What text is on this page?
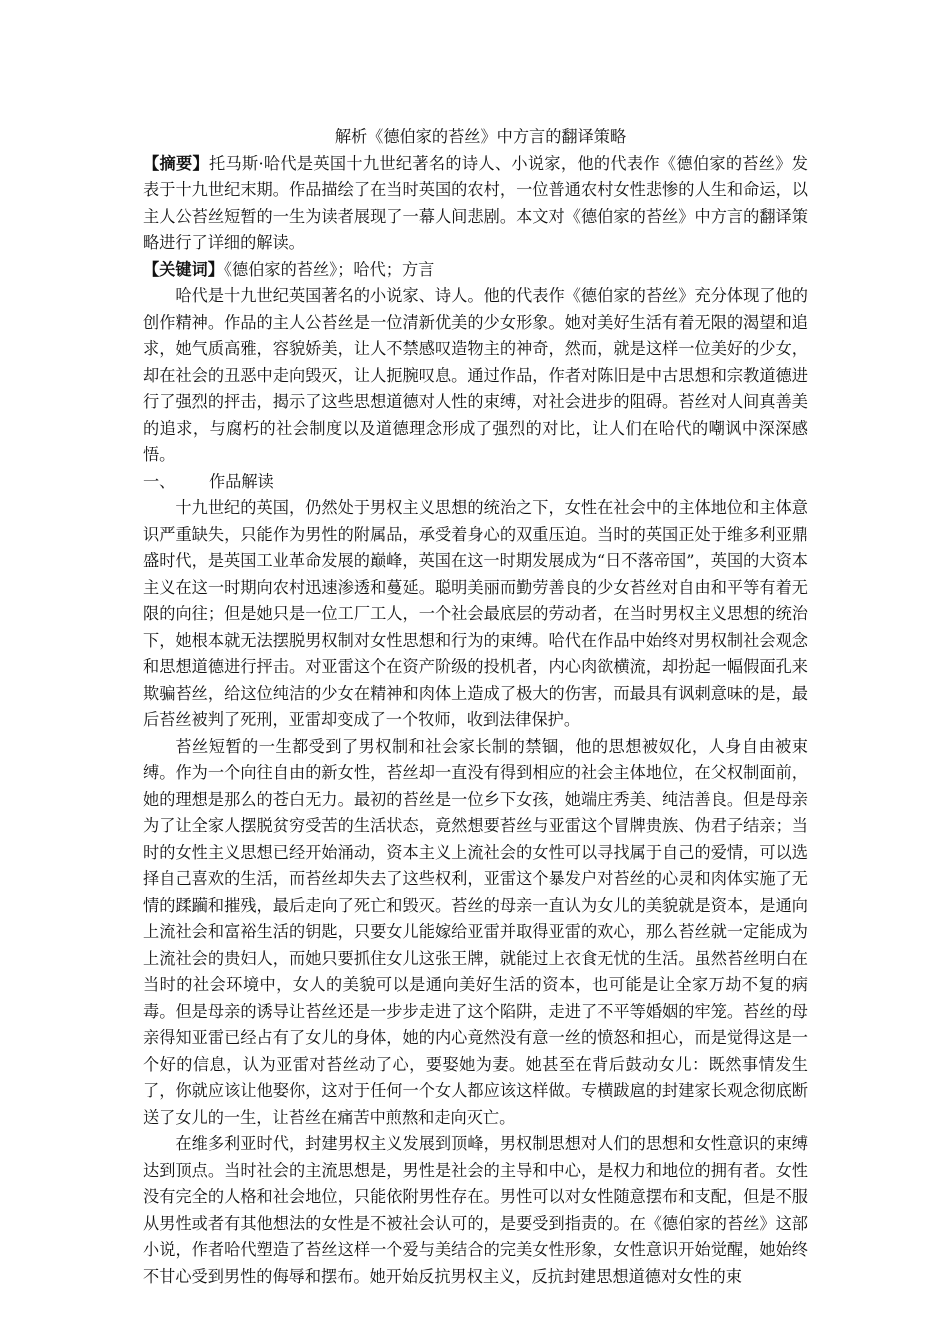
解析《德伯家的苔丝》中方言的翻译策略

【摘要】托马斯·哈代是英国十九世纪著名的诗人、小说家，他的代表作《德伯家的苔丝》发表于十九世纪末期。作品描绘了在当时英国的农村，一位普通农村女性悲惨的人生和命运，以主人公苔丝短暂的一生为读者展现了一幕人间悲剧。本文对《德伯家的苔丝》中方言的翻译策略进行了详细的解读。

【关键词】《德伯家的苔丝》；哈代；方言

哈代是十九世纪英国著名的小说家、诗人。他的代表作《德伯家的苔丝》充分体现了他的创作精神。作品的主人公苔丝是一位清新优美的少女形象。她对美好生活有着无限的渴望和追求，她气质高雅，容貌娇美，让人不禁感叹造物主的神奇，然而，就是这样一位美好的少女，却在社会的丑恶中走向毁灭，让人扼腕叹息。通过作品，作者对陈旧是中古思想和宗教道德进行了强烈的抨击，揭示了这些思想道德对人性的束缚，对社会进步的阻碍。苔丝对人间真善美的追求，与腐朽的社会制度以及道德理念形成了强烈的对比，让人们在哈代的嘲讽中深深感悟。

一、 作品解读

十九世纪的英国，仍然处于男权主义思想的统治之下，女性在社会中的主体地位和主体意识严重缺失，只能作为男性的附属品，承受着身心的双重压迫。当时的英国正处于维多利亚鼎盛时代，是英国工业革命发展的巅峰，英国在这一时期发展成为“日不落帝国”，英国的大资本主义在这一时期向农村迅速渗透和蔓延。聪明美丽而勤劳善良的少女苔丝对自由和平等有着无限的向往；但是她只是一位工厂工人，一个社会最底层的劳动者，在当时男权主义思想的统治下，她根本就无法摆脱男权制对女性思想和行为的束缚。哈代在作品中始终对男权制社会观念和思想道德进行抨击。对亚雷这个在资产阶级的投机者，内心肉欲横流，却扮起一幅假面孔来欺骗苔丝，给这位纯洁的少女在精神和肉体上造成了极大的伤害，而最具有讽刺意味的是，最后苔丝被判了死刑，亚雷却变成了一个牧师，收到法律保护。

苔丝短暂的一生都受到了男权制和社会家长制的禁锢，他的思想被奴化，人身自由被束缚。作为一个向往自由的新女性，苔丝却一直没有得到相应的社会主体地位，在父权制面前，她的理想是那么的苍白无力。最初的苔丝是一位乡下女孩，她端庄秀美、纯洁善良。但是母亲为了让全家人摆脱贫穷受苦的生活状态，竟然想要苔丝与亚雷这个冒牌贵族、伪君子结亲；当时的女性主义思想已经开始涌动，资本主义上流社会的女性可以寻找属于自己的爱情，可以选择自己喜欢的生活，而苔丝却失去了这些权利，亚雷这个暴发户对苔丝的心灵和肉体实施了无情的蹂躏和摧残，最后走向了死亡和毁灭。苔丝的母亲一直认为女儿的美貌就是资本，是通向上流社会和富裕生活的钥匙，只要女儿能嫁给亚雷并取得亚雷的欢心，那么苔丝就一定能成为上流社会的贵妇人，而她只要抓住女儿这张王牌，就能过上衣食无忧的生活。虽然苔丝明白在当时的社会环境中，女人的美貌可以是通向美好生活的资本，也可能是让全家万劫不复的病毒。但是母亲的诱导让苔丝还是一步步走进了这个陷阱，走进了不平等婚姻的牢笼。苔丝的母亲得知亚雷已经占有了女儿的身体，她的内心竟然没有意一丝的愤怒和担心，而是觉得这是一个好的信息，认为亚雷对苔丝动了心，要娶她为妻。她甚至在背后鼓动女儿：既然事情发生了，你就应该让他娶你，这对于任何一个女人都应该这样做。专横跋扈的封建家长观念彻底断送了女儿的一生，让苔丝在痛苦中煎熬和走向灭亡。

在维多利亚时代，封建男权主义发展到顶峰，男权制思想对人们的思想和女性意识的束缚达到顶点。当时社会的主流思想是，男性是社会的主导和中心，是权力和地位的拥有者。女性没有完全的人格和社会地位，只能依附男性存在。男性可以对女性随意摆布和支配，但是不服从男性或者有其他想法的女性是不被社会认可的，是要受到指责的。在《德伯家的苔丝》这部小说，作者哈代塑造了苔丝这样一个爱与美结合的完美女性形象，女性意识开始觉醒，她始终不甘心受到男性的侮辱和摆布。她开始反抗男权主义，反抗封建思想道德对女性的束
